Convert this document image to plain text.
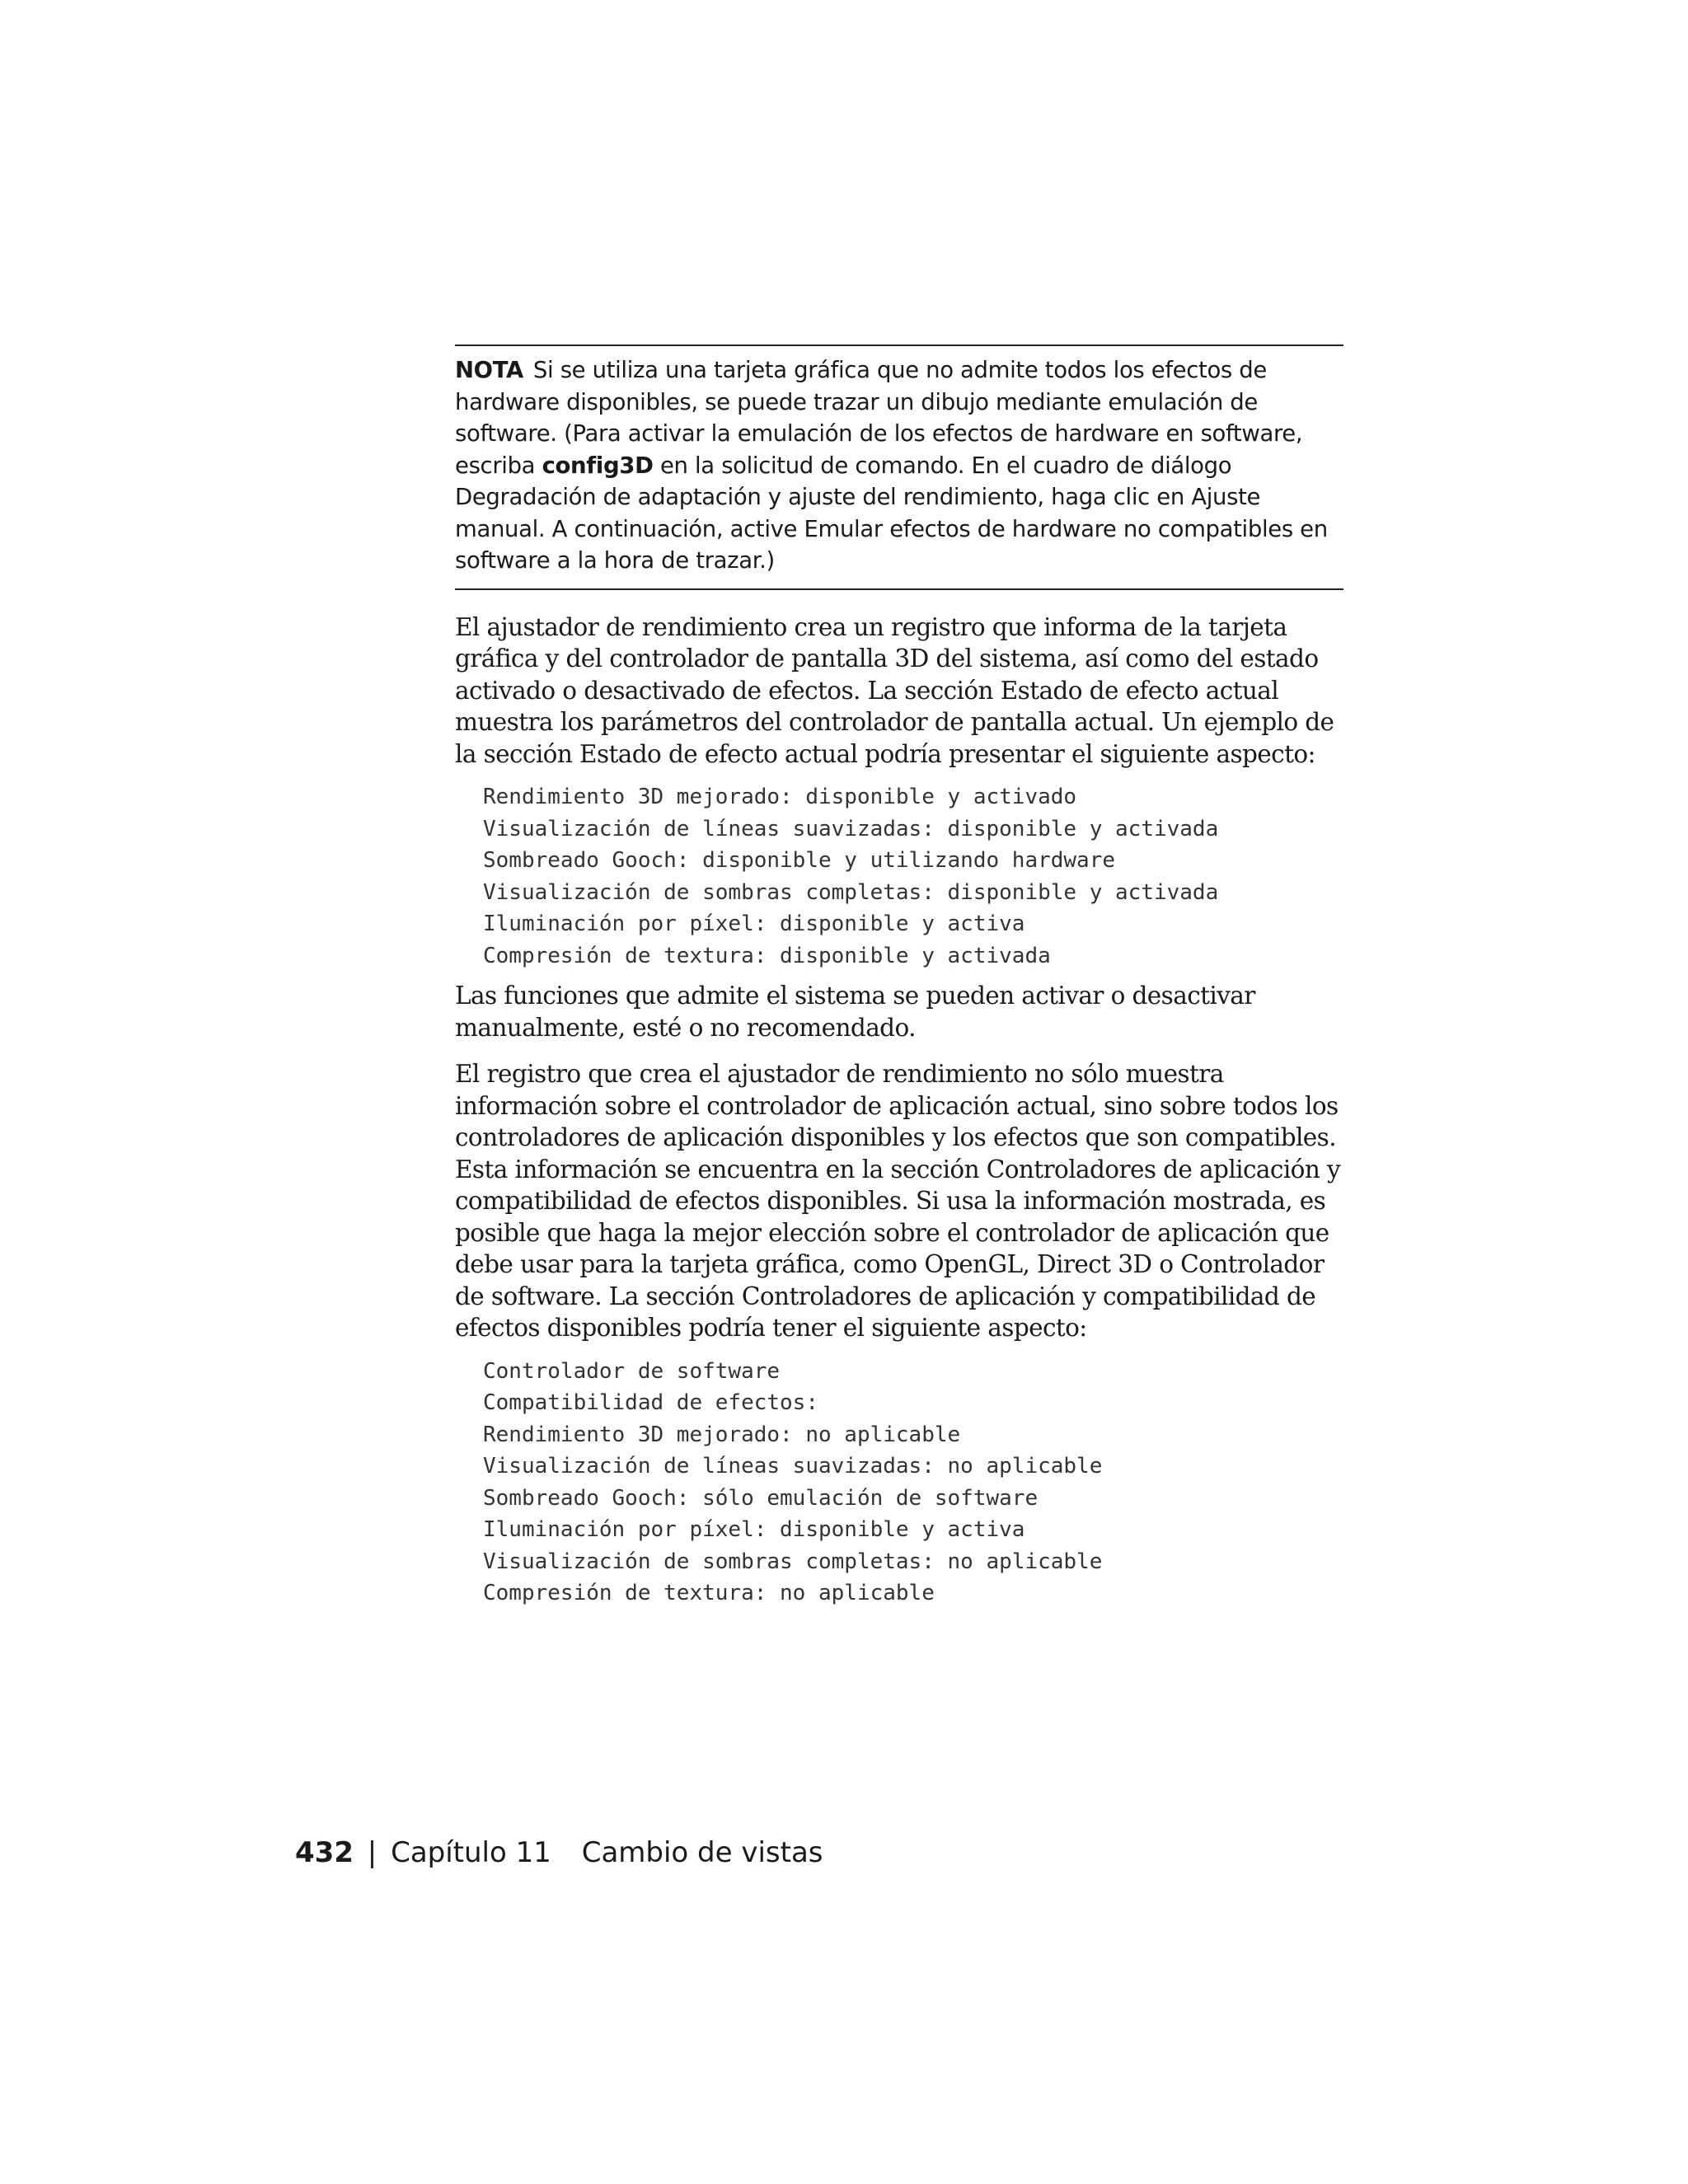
NOTA Si se utiliza una tarjeta gráfica que no admite todos los efectos de hardware disponibles, se puede trazar un dibujo mediante emulación de software. (Para activar la emulación de los efectos de hardware en software, escriba config3D en la solicitud de comando. En el cuadro de diálogo Degradación de adaptación y ajuste del rendimiento, haga clic en Ajuste manual. A continuación, active Emular efectos de hardware no compatibles en software a la hora de trazar.)

El ajustador de rendimiento crea un registro que informa de la tarjeta gráfica y del controlador de pantalla 3D del sistema, así como del estado activado o desactivado de efectos. La sección Estado de efecto actual muestra los parámetros del controlador de pantalla actual. Un ejemplo de la sección Estado de efecto actual podría presentar el siguiente aspecto:

Rendimiento 3D mejorado: disponible y activado
Visualización de líneas suavizadas: disponible y activada
Sombreado Gooch: disponible y utilizando hardware
Visualización de sombras completas: disponible y activada
Iluminación por píxel: disponible y activa
Compresión de textura: disponible y activada

Las funciones que admite el sistema se pueden activar o desactivar manualmente, esté o no recomendado.

El registro que crea el ajustador de rendimiento no sólo muestra información sobre el controlador de aplicación actual, sino sobre todos los controladores de aplicación disponibles y los efectos que son compatibles. Esta información se encuentra en la sección Controladores de aplicación y compatibilidad de efectos disponibles. Si usa la información mostrada, es posible que haga la mejor elección sobre el controlador de aplicación que debe usar para la tarjeta gráfica, como OpenGL, Direct 3D o Controlador de software. La sección Controladores de aplicación y compatibilidad de efectos disponibles podría tener el siguiente aspecto:

Controlador de software
Compatibilidad de efectos:
Rendimiento 3D mejorado: no aplicable
Visualización de líneas suavizadas: no aplicable
Sombreado Gooch: sólo emulación de software
Iluminación por píxel: disponible y activa
Visualización de sombras completas: no aplicable
Compresión de textura: no aplicable
432 | Capítulo 11 Cambio de vistas
